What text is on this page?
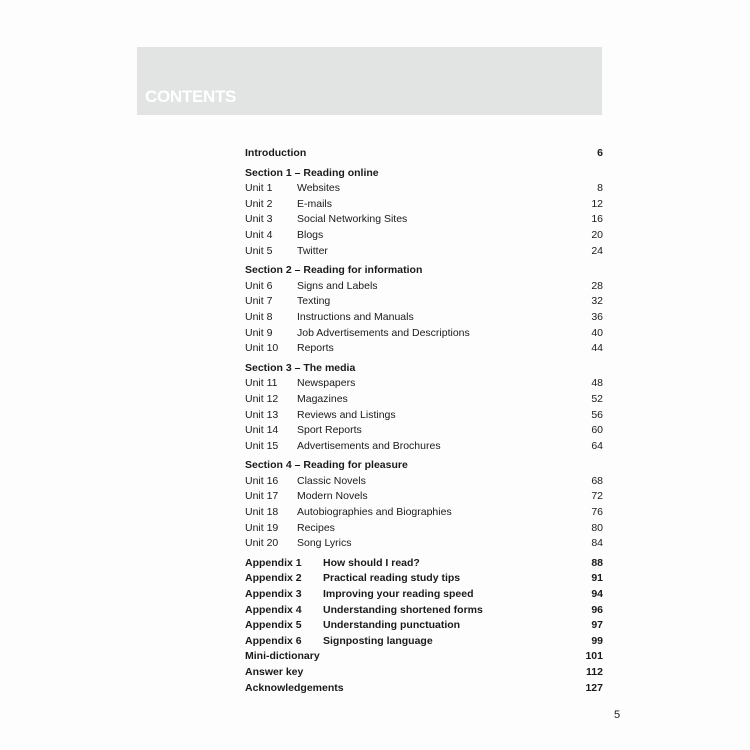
CONTENTS
Introduction	6
Section 1 – Reading online
Unit 1	Websites	8
Unit 2	E-mails	12
Unit 3	Social Networking Sites	16
Unit 4	Blogs	20
Unit 5	Twitter	24
Section 2 – Reading for information
Unit 6	Signs and Labels	28
Unit 7	Texting	32
Unit 8	Instructions and Manuals	36
Unit 9	Job Advertisements and Descriptions	40
Unit 10	Reports	44
Section 3 – The media
Unit 11	Newspapers	48
Unit 12	Magazines	52
Unit 13	Reviews and Listings	56
Unit 14	Sport Reports	60
Unit 15	Advertisements and Brochures	64
Section 4 – Reading for pleasure
Unit 16	Classic Novels	68
Unit 17	Modern Novels	72
Unit 18	Autobiographies and Biographies	76
Unit 19	Recipes	80
Unit 20	Song Lyrics	84
Appendix 1	How should I read?	88
Appendix 2	Practical reading study tips	91
Appendix 3	Improving your reading speed	94
Appendix 4	Understanding shortened forms	96
Appendix 5	Understanding punctuation	97
Appendix 6	Signposting language	99
Mini-dictionary	101
Answer key	112
Acknowledgements	127
5
